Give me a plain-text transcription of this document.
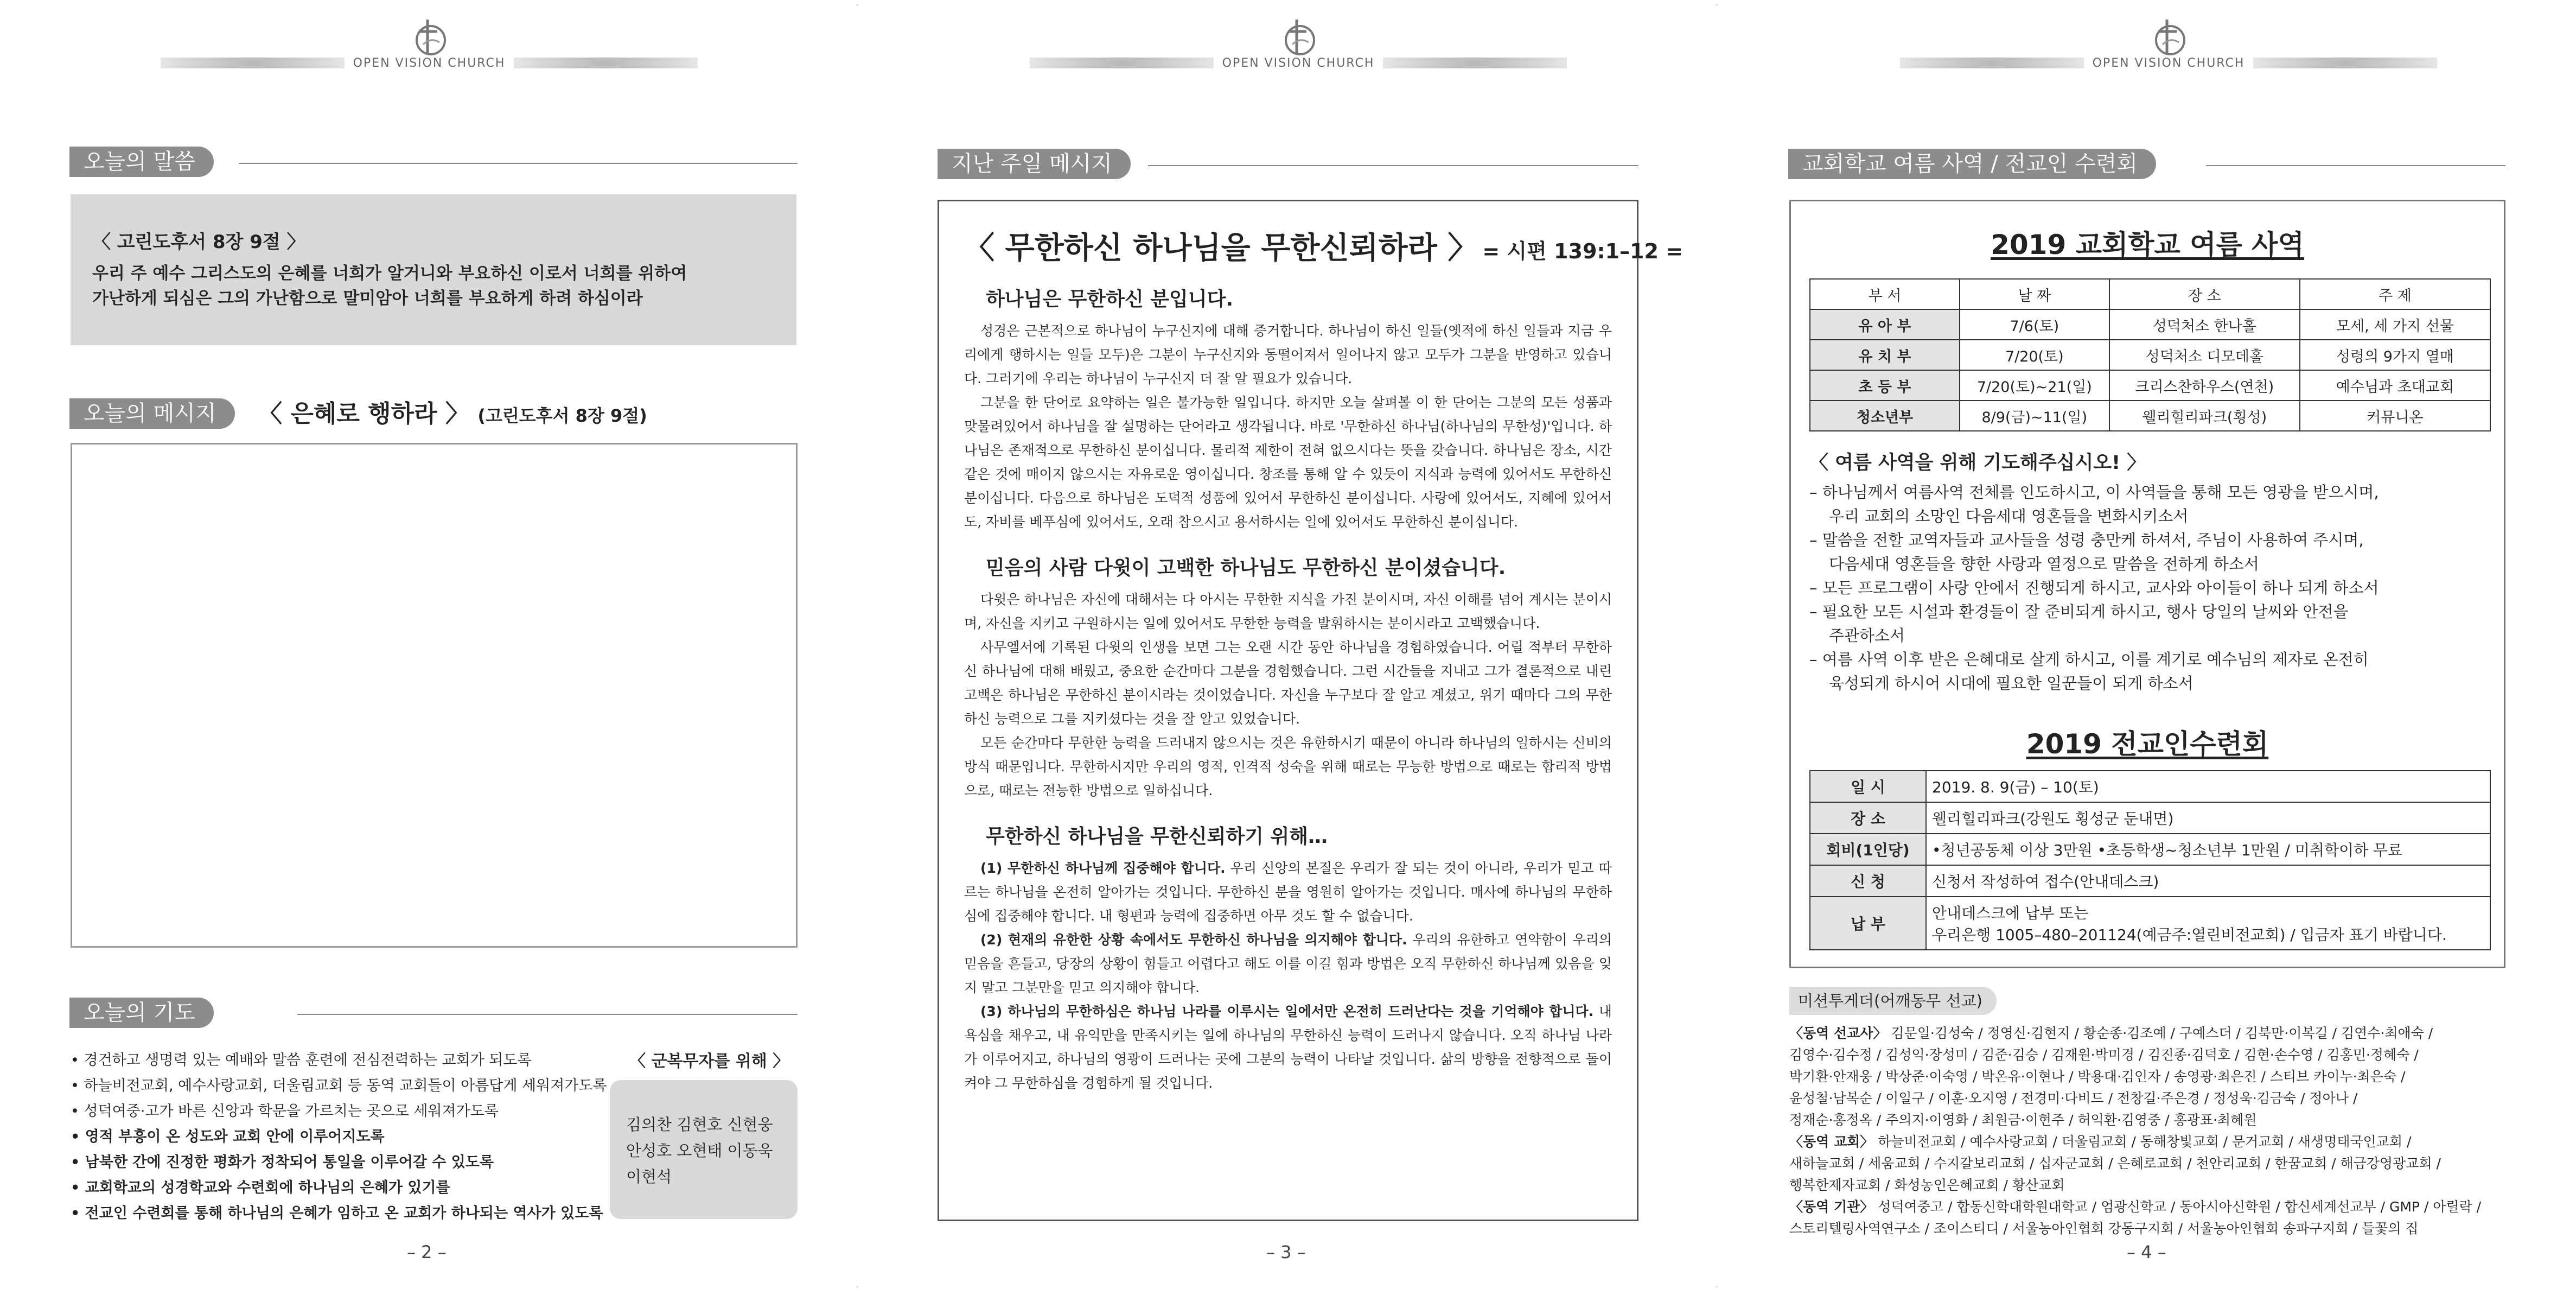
·	·
·	·
OPEN VISION CHURCH
오늘의 말씀
〈 고린도후서 8장 9절 〉
우리 주 예수 그리스도의 은혜를 너희가 알거니와 부요하신 이로서 너희를 위하여
가난하게 되심은 그의 가난함으로 말미암아 너희를 부요하게 하려 하심이라
오늘의 메시지	〈 은혜로 행하라 〉 (고린도후서 8장 9절)
오늘의 기도
• 경건하고 생명력 있는 예배와 말씀 훈련에 전심전력하는 교회가 되도록
• 하늘비전교회, 예수사랑교회, 더울림교회 등 동역 교회들이 아름답게 세워져가도록
• 성덕여중·고가 바른 신앙과 학문을 가르치는 곳으로 세워져가도록
• 영적 부흥이 온 성도와 교회 안에 이루어지도록
• 남북한 간에 진정한 평화가 정착되어 통일을 이루어갈 수 있도록
• 교회학교의 성경학교와 수련회에 하나님의 은혜가 있기를
• 전교인 수련회를 통해 하나님의 은혜가 임하고 온 교회가 하나되는 역사가 있도록
〈 군복무자를 위해 〉
김의찬 김현호 신현웅
안성호 오현태 이동욱
이현석
– 2 –
OPEN VISION CHURCH
지난 주일 메시지
〈 무한하신 하나님을 무한신뢰하라 〉 = 시편 139:1–12 =
하나님은 무한하신 분입니다.

성경은 근본적으로 하나님이 누구신지에 대해 증거합니다. 하나님이 하신 일들(옛적에 하신 일들과 지금 우리에게 행하시는 일들 모두)은 그분이 누구신지와 동떨어져서 일어나지 않고 모두가 그분을 반영하고 있습니다. 그러기에 우리는 하나님이 누구신지 더 잘 알 필요가 있습니다.

그분을 한 단어로 요약하는 일은 불가능한 일입니다. 하지만 오늘 살펴볼 이 한 단어는 그분의 모든 성품과 맞물려있어서 하나님을 잘 설명하는 단어라고 생각됩니다. 바로 '무한하신 하나님(하나님의 무한성)'입니다. 하나님은 존재적으로 무한하신 분이십니다. 물리적 제한이 전혀 없으시다는 뜻을 갖습니다. 하나님은 장소, 시간 같은 것에 매이지 않으시는 자유로운 영이십니다. 창조를 통해 알 수 있듯이 지식과 능력에 있어서도 무한하신 분이십니다. 다음으로 하나님은 도덕적 성품에 있어서 무한하신 분이십니다. 사랑에 있어서도, 지혜에 있어서도, 자비를 베푸심에 있어서도, 오래 참으시고 용서하시는 일에 있어서도 무한하신 분이십니다.

믿음의 사람 다윗이 고백한 하나님도 무한하신 분이셨습니다.

다윗은 하나님은 자신에 대해서는 다 아시는 무한한 지식을 가진 분이시며, 자신 이해를 넘어 계시는 분이시며, 자신을 지키고 구원하시는 일에 있어서도 무한한 능력을 발휘하시는 분이시라고 고백했습니다.

사무엘서에 기록된 다윗의 인생을 보면 그는 오랜 시간 동안 하나님을 경험하였습니다. 어릴 적부터 무한하신 하나님에 대해 배웠고, 중요한 순간마다 그분을 경험했습니다. 그런 시간들을 지내고 그가 결론적으로 내린 고백은 하나님은 무한하신 분이시라는 것이었습니다. 자신을 누구보다 잘 알고 계셨고, 위기 때마다 그의 무한하신 능력으로 그를 지키셨다는 것을 잘 알고 있었습니다.

모든 순간마다 무한한 능력을 드러내지 않으시는 것은 유한하시기 때문이 아니라 하나님의 일하시는 신비의 방식 때문입니다. 무한하시지만 우리의 영적, 인격적 성숙을 위해 때로는 무능한 방법으로 때로는 합리적 방법으로, 때로는 전능한 방법으로 일하십니다.

무한하신 하나님을 무한신뢰하기 위해…

(1) 무한하신 하나님께 집중해야 합니다. 우리 신앙의 본질은 우리가 잘 되는 것이 아니라, 우리가 믿고 따르는 하나님을 온전히 알아가는 것입니다. 무한하신 분을 영원히 알아가는 것입니다. 매사에 하나님의 무한하심에 집중해야 합니다. 내 형편과 능력에 집중하면 아무 것도 할 수 없습니다.

(2) 현재의 유한한 상황 속에서도 무한하신 하나님을 의지해야 합니다. 우리의 유한하고 연약함이 우리의 믿음을 흔들고, 당장의 상황이 힘들고 어렵다고 해도 이를 이길 힘과 방법은 오직 무한하신 하나님께 있음을 잊지 말고 그분만을 믿고 의지해야 합니다.

(3) 하나님의 무한하심은 하나님 나라를 이루시는 일에서만 온전히 드러난다는 것을 기억해야 합니다. 내 욕심을 채우고, 내 유익만을 만족시키는 일에 하나님의 무한하신 능력이 드러나지 않습니다. 오직 하나님 나라가 이루어지고, 하나님의 영광이 드러나는 곳에 그분의 능력이 나타날 것입니다. 삶의 방향을 전향적으로 돌이켜야 그 무한하심을 경험하게 될 것입니다.

– 3 –
OPEN VISION CHURCH
교회학교 여름 사역 / 전교인 수련회
2019 교회학교 여름 사역
부 서	날 짜	장 소	주 제
유 아 부	7/6(토)	성덕처소 한나홀	모세, 세 가지 선물
유 치 부	7/20(토)	성덕처소 디모데홀	성령의 9가지 열매
초 등 부	7/20(토)~21(일)	크리스찬하우스(연천)	예수님과 초대교회
청소년부	8/9(금)~11(일)	웰리힐리파크(횡성)	커뮤니온
〈 여름 사역을 위해 기도해주십시오! 〉
– 하나님께서 여름사역 전체를 인도하시고, 이 사역들을 통해 모든 영광을 받으시며,
우리 교회의 소망인 다음세대 영혼들을 변화시키소서
– 말씀을 전할 교역자들과 교사들을 성령 충만케 하셔서, 주님이 사용하여 주시며,
다음세대 영혼들을 향한 사랑과 열정으로 말씀을 전하게 하소서
– 모든 프로그램이 사랑 안에서 진행되게 하시고, 교사와 아이들이 하나 되게 하소서
– 필요한 모든 시설과 환경들이 잘 준비되게 하시고, 행사 당일의 날씨와 안전을
주관하소서
– 여름 사역 이후 받은 은혜대로 살게 하시고, 이를 계기로 예수님의 제자로 온전히
육성되게 하시어 시대에 필요한 일꾼들이 되게 하소서
2019 전교인수련회
일 시	2019. 8. 9(금) – 10(토)
장 소	웰리힐리파크(강원도 횡성군 둔내면)
회비(1인당)	•청년공동체 이상 3만원 •초등학생~청소년부 1만원 / 미취학이하 무료
신 청	신청서 작성하여 접수(안내데스크)
납 부	안내데스크에 납부 또는
우리은행 1005–480–201124(예금주:열린비전교회) / 입금자 표기 바랍니다.
미션투게더(어깨동무 선교)

〈동역 선교사〉 김문일·김성숙 / 정영신·김현지 / 황순종·김조예 / 구예스더 / 김북만·이복길 / 김연수·최애숙 /

김영수·김수정 / 김성익·장성미 / 김준·김승 / 김재원·박미경 / 김진종·김덕호 / 김현·손수영 / 김홍민·정혜숙 /

박기환·안재웅 / 박상준·이숙영 / 박온유·이현나 / 박용대·김인자 / 송영광·최은진 / 스티브 카이누·최은숙 /

윤성철·남복순 / 이일구 / 이훈·오지영 / 전경미·다비드 / 전창길·주은경 / 정성욱·김금숙 / 정아나 /

정재순·홍정옥 / 주의지·이영화 / 최원금·이현주 / 허익환·김영중 / 홍광표·최혜원

〈동역 교회〉 하늘비전교회 / 예수사랑교회 / 더울림교회 / 동해창빛교회 / 문거교회 / 새생명태국인교회 /

새하늘교회 / 세움교회 / 수지갈보리교회 / 십자군교회 / 은혜로교회 / 천안리교회 / 한꿈교회 / 해금강영광교회 /

행복한제자교회 / 화성농인은혜교회 / 황산교회

〈동역 기관〉 성덕여중고 / 합동신학대학원대학교 / 엄광신학교 / 동아시아신학원 / 합신세계선교부 / GMP / 아릴락 /

스토리텔링사역연구소 / 조이스티디 / 서울농아인협회 강동구지회 / 서울농아인협회 송파구지회 / 들꽃의 집

– 4 –
